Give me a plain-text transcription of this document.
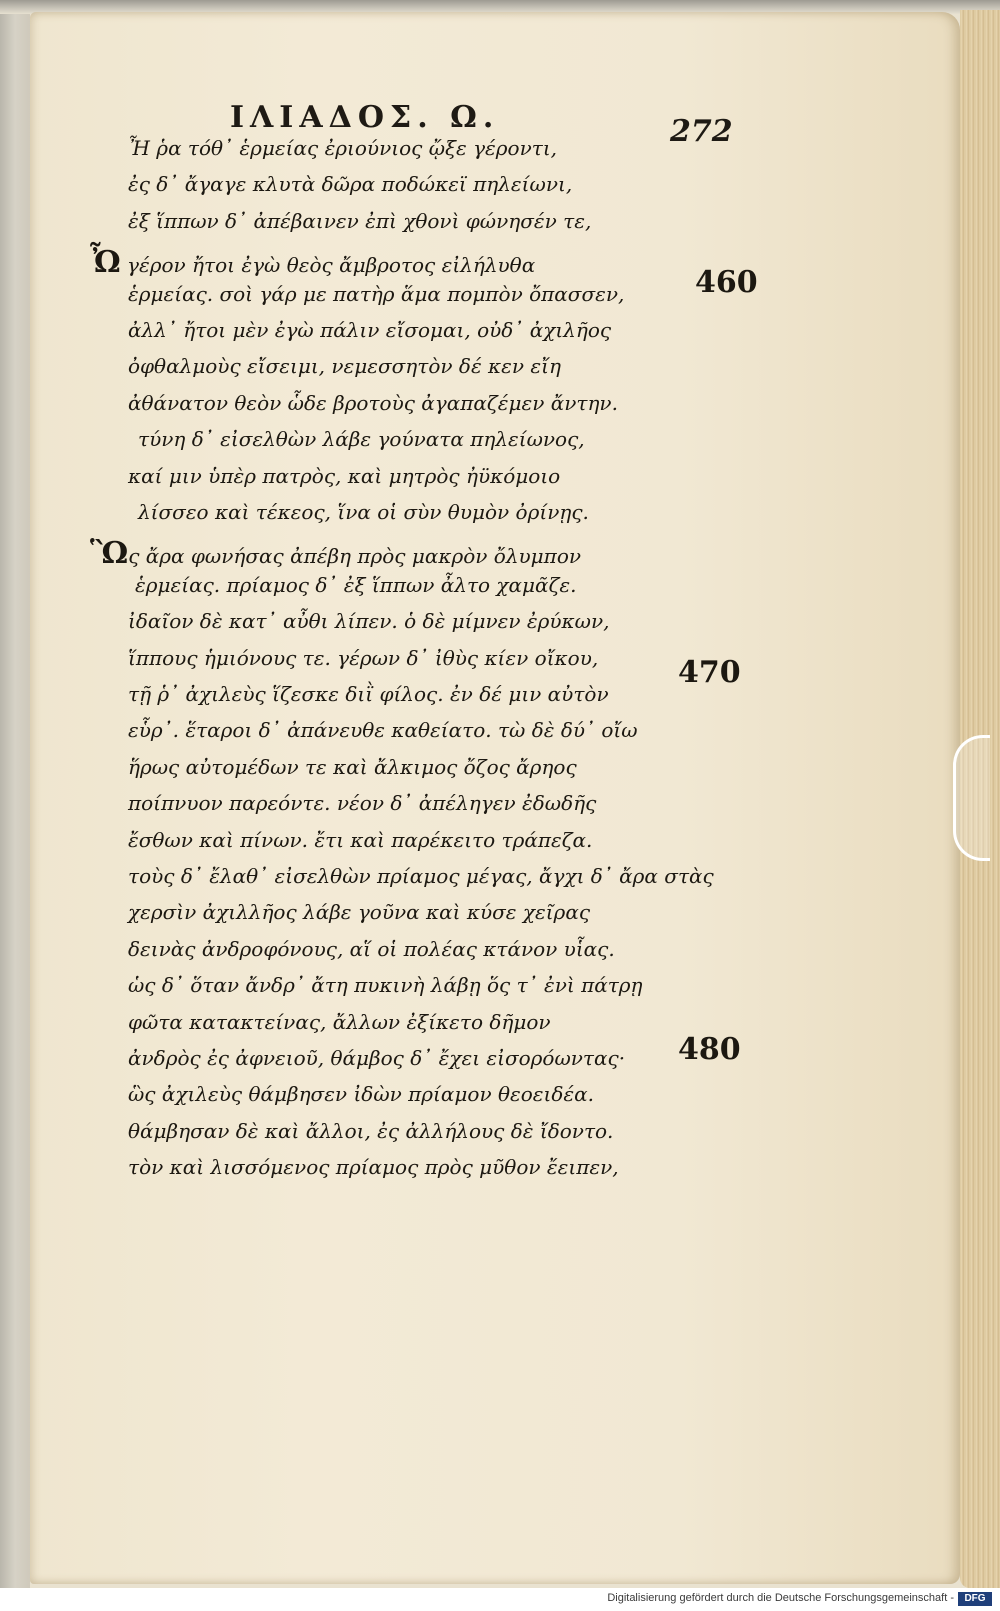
ΙΛΙΑΔΟΣ. Ω.	272
Ἦ ῥα τόθ᾽ ἑρμείας ἐριούνιος ᾤξε γέροντι,
ἐς δ᾽ ἄγαγε κλυτὰ δῶρα ποδώκεϊ πηλείωνι,
ἐξ ἵππων δ᾽ ἀπέβαινεν ἐπὶ χθονὶ φώνησέν τε,
Ὦ γέρον ἤτοι ἐγὼ θεὸς ἄμβροτος εἰλήλυθα
ἑρμείας. σοὶ γάρ με πατὴρ ἅμα πομπὸν ὄπασσεν,
ἀλλ᾽ ἤτοι μὲν ἐγὼ πάλιν εἴσομαι, οὐδ᾽ ἀχιλῆος
ὀφθαλμοὺς εἴσειμι, νεμεσσητὸν δέ κεν εἴη
ἀθάνατον θεὸν ὧδε βροτοὺς ἀγαπαζέμεν ἄντην.
τύνη δ᾽ εἰσελθὼν λάβε γούνατα πηλείωνος,
καί μιν ὑπὲρ πατρὸς, καὶ μητρὸς ἠϋκόμοιο
λίσσεο καὶ τέκεος, ἵνα οἱ σὺν θυμὸν ὀρίνῃς.
Ὣς ἄρα φωνήσας ἀπέβη πρὸς μακρὸν ὄλυμπον
ἑρμείας. πρίαμος δ᾽ ἐξ ἵππων ἆλτο χαμᾶζε.
ἰδαῖον δὲ κατ᾽ αὖθι λίπεν. ὁ δὲ μίμνεν ἐρύκων,
ἵππους ἡμιόνους τε. γέρων δ᾽ ἰθὺς κίεν οἴκου,
τῇ ῥ᾽ ἀχιλεὺς ἵζεσκε διῒ φίλος. ἐν δέ μιν αὐτὸν
εὗρ᾽. ἕταροι δ᾽ ἀπάνευθε καθείατο. τὼ δὲ δύ᾽ οἴω
ἥρως αὐτομέδων τε καὶ ἄλκιμος ὄζος ἄρηος
ποίπνυον παρεόντε. νέον δ᾽ ἀπέληγεν ἐδωδῆς
ἔσθων καὶ πίνων. ἔτι καὶ παρέκειτο τράπεζα.
τοὺς δ᾽ ἔλαθ᾽ εἰσελθὼν πρίαμος μέγας, ἄγχι δ᾽ ἄρα στὰς
χερσὶν ἀχιλλῆος λάβε γοῦνα καὶ κύσε χεῖρας
δεινὰς ἀνδροφόνους, αἵ οἱ πολέας κτάνον υἷας.
ὡς δ᾽ ὅταν ἄνδρ᾽ ἄτη πυκινὴ λάβῃ ὅς τ᾽ ἐνὶ πάτρῃ
φῶτα κατακτείνας, ἄλλων ἐξίκετο δῆμον
ἀνδρὸς ἐς ἀφνειοῦ, θάμβος δ᾽ ἔχει εἰσορόωντας·
ὣς ἀχιλεὺς θάμβησεν ἰδὼν πρίαμον θεοειδέα.
θάμβησαν δὲ καὶ ἄλλοι, ἐς ἀλλήλους δὲ ἴδοντο.
τὸν καὶ λισσόμενος πρίαμος πρὸς μῦθον ἔειπεν,
460
470
480
Digitalisierung gefördert durch die Deutsche Forschungsgemeinschaft -	DFG
